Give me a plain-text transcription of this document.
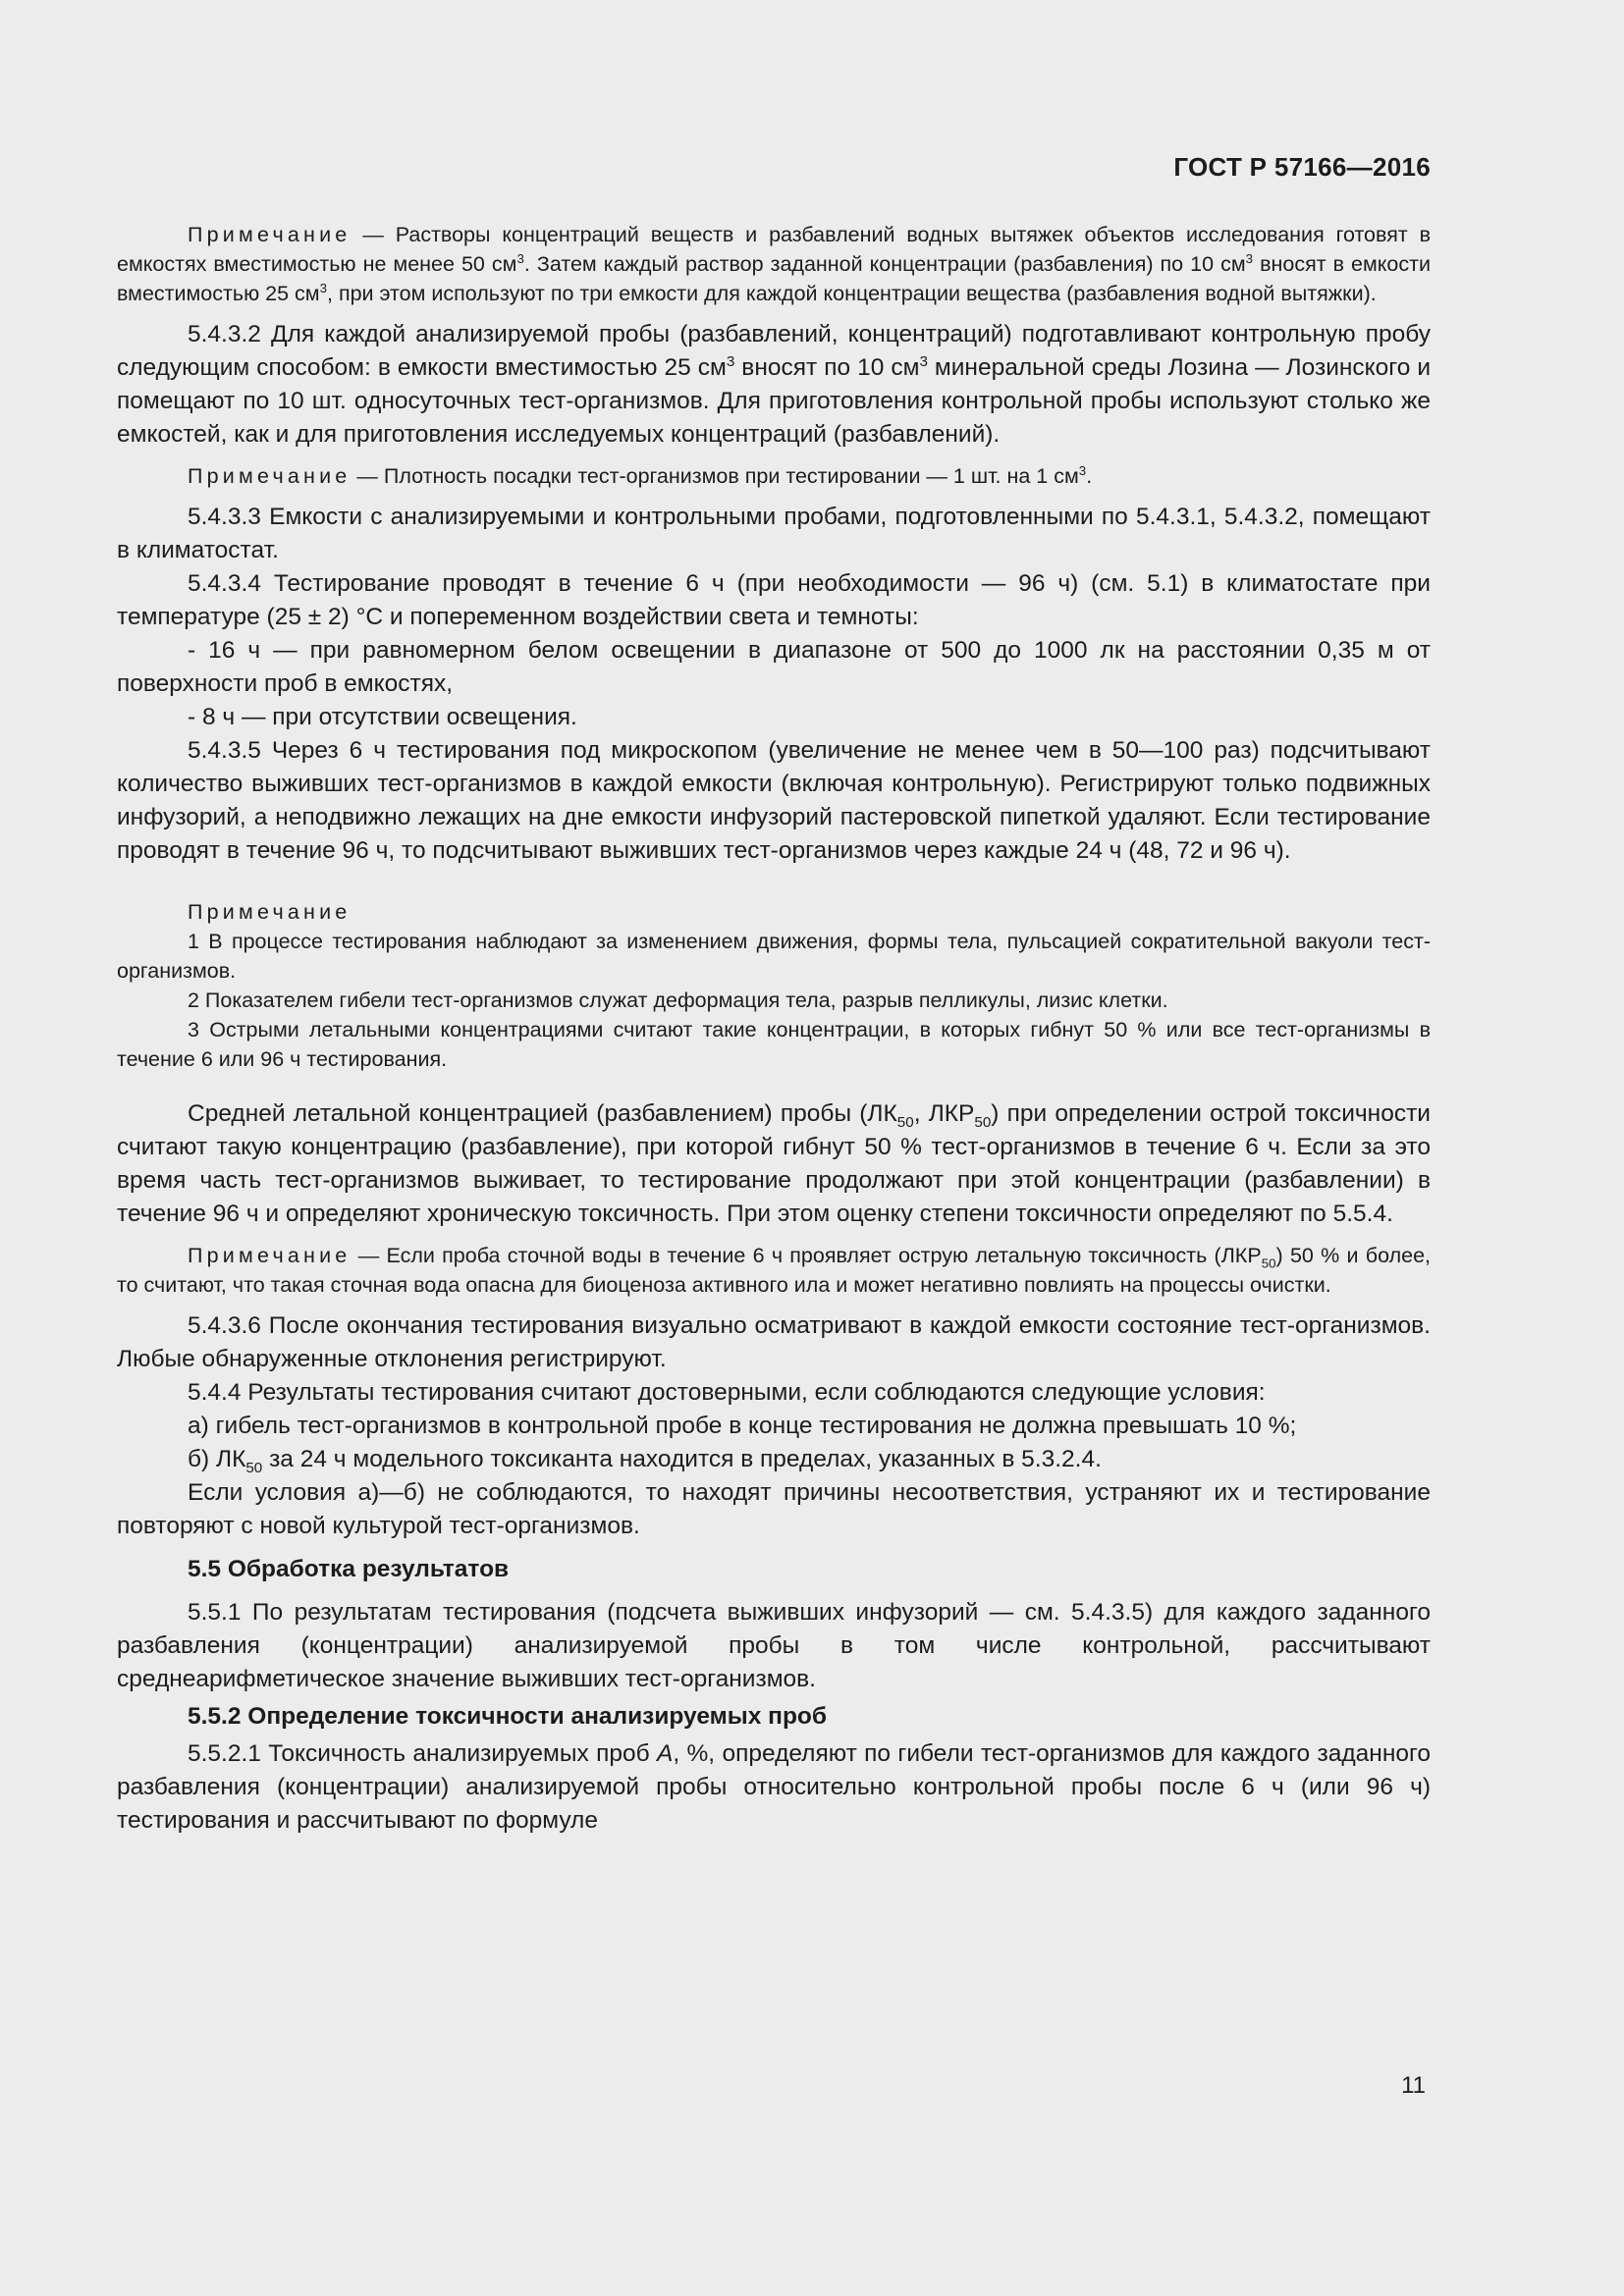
ГОСТ Р 57166—2016

Примечание — Растворы концентраций веществ и разбавлений водных вытяжек объектов исследования готовят в емкостях вместимостью не менее 50 $см^3$. Затем каждый раствор заданной концентрации (разбавления) по 10 $см^3$ вносят в емкости вместимостью 25 $см^3$, при этом используют по три емкости для каждой концентрации вещества (разбавления водной вытяжки).

5.4.3.2 Для каждой анализируемой пробы (разбавлений, концентраций) подготавливают контрольную пробу следующим способом: в емкости вместимостью 25 $см^3$ вносят по 10 $см^3$ минеральной среды Лозина — Лозинского и помещают по 10 шт. односуточных тест-организмов. Для приготовления контрольной пробы используют столько же емкостей, как и для приготовления исследуемых концентраций (разбавлений).

Примечание — Плотность посадки тест-организмов при тестировании — 1 шт. на 1 $см^3$.

5.4.3.3 Емкости с анализируемыми и контрольными пробами, подготовленными по 5.4.3.1, 5.4.3.2, помещают в климатостат.

5.4.3.4 Тестирование проводят в течение 6 ч (при необходимости — 96 ч) (см. 5.1) в климатостате при температуре (25 ± 2) °С и попеременном воздействии света и темноты:

- 16 ч — при равномерном белом освещении в диапазоне от 500 до 1000 лк на расстоянии 0,35 м от поверхности проб в емкостях,

- 8 ч — при отсутствии освещения.

5.4.3.5 Через 6 ч тестирования под микроскопом (увеличение не менее чем в 50—100 раз) подсчитывают количество выживших тест-организмов в каждой емкости (включая контрольную). Регистрируют только подвижных инфузорий, а неподвижно лежащих на дне емкости инфузорий пастеровской пипеткой удаляют. Если тестирование проводят в течение 96 ч, то подсчитывают выживших тест-организмов через каждые 24 ч (48, 72 и 96 ч).

Примечание

1 В процессе тестирования наблюдают за изменением движения, формы тела, пульсацией сократительной вакуоли тест-организмов.

2 Показателем гибели тест-организмов служат деформация тела, разрыв пелликулы, лизис клетки.

3 Острыми летальными концентрациями считают такие концентрации, в которых гибнут 50 % или все тест-организмы в течение 6 или 96 ч тестирования.

Средней летальной концентрацией (разбавлением) пробы ($ЛК_{50}$, $ЛКР_{50}$) при определении острой токсичности считают такую концентрацию (разбавление), при которой гибнут 50 % тест-организмов в течение 6 ч. Если за это время часть тест-организмов выживает, то тестирование продолжают при этой концентрации (разбавлении) в течение 96 ч и определяют хроническую токсичность. При этом оценку степени токсичности определяют по 5.5.4.

Примечание — Если проба сточной воды в течение 6 ч проявляет острую летальную токсичность $(ЛКР_{50})$ 50 % и более, то считают, что такая сточная вода опасна для биоценоза активного ила и может негативно повлиять на процессы очистки.

5.4.3.6 После окончания тестирования визуально осматривают в каждой емкости состояние тест-организмов. Любые обнаруженные отклонения регистрируют.

5.4.4 Результаты тестирования считают достоверными, если соблюдаются следующие условия:

а) гибель тест-организмов в контрольной пробе в конце тестирования не должна превышать 10 %;

б) $ЛК_{50}$ за 24 ч модельного токсиканта находится в пределах, указанных в 5.3.2.4.

Если условия а)—б) не соблюдаются, то находят причины несоответствия, устраняют их и тестирование повторяют с новой культурой тест-организмов.

5.5 Обработка результатов

5.5.1 По результатам тестирования (подсчета выживших инфузорий — см. 5.4.3.5) для каждого заданного разбавления (концентрации) анализируемой пробы в том числе контрольной, рассчитывают среднеарифметическое значение выживших тест-организмов.

5.5.2 Определение токсичности анализируемых проб

5.5.2.1 Токсичность анализируемых проб А, %, определяют по гибели тест-организмов для каждого заданного разбавления (концентрации) анализируемой пробы относительно контрольной пробы после 6 ч (или 96 ч) тестирования и рассчитывают по формуле

11
